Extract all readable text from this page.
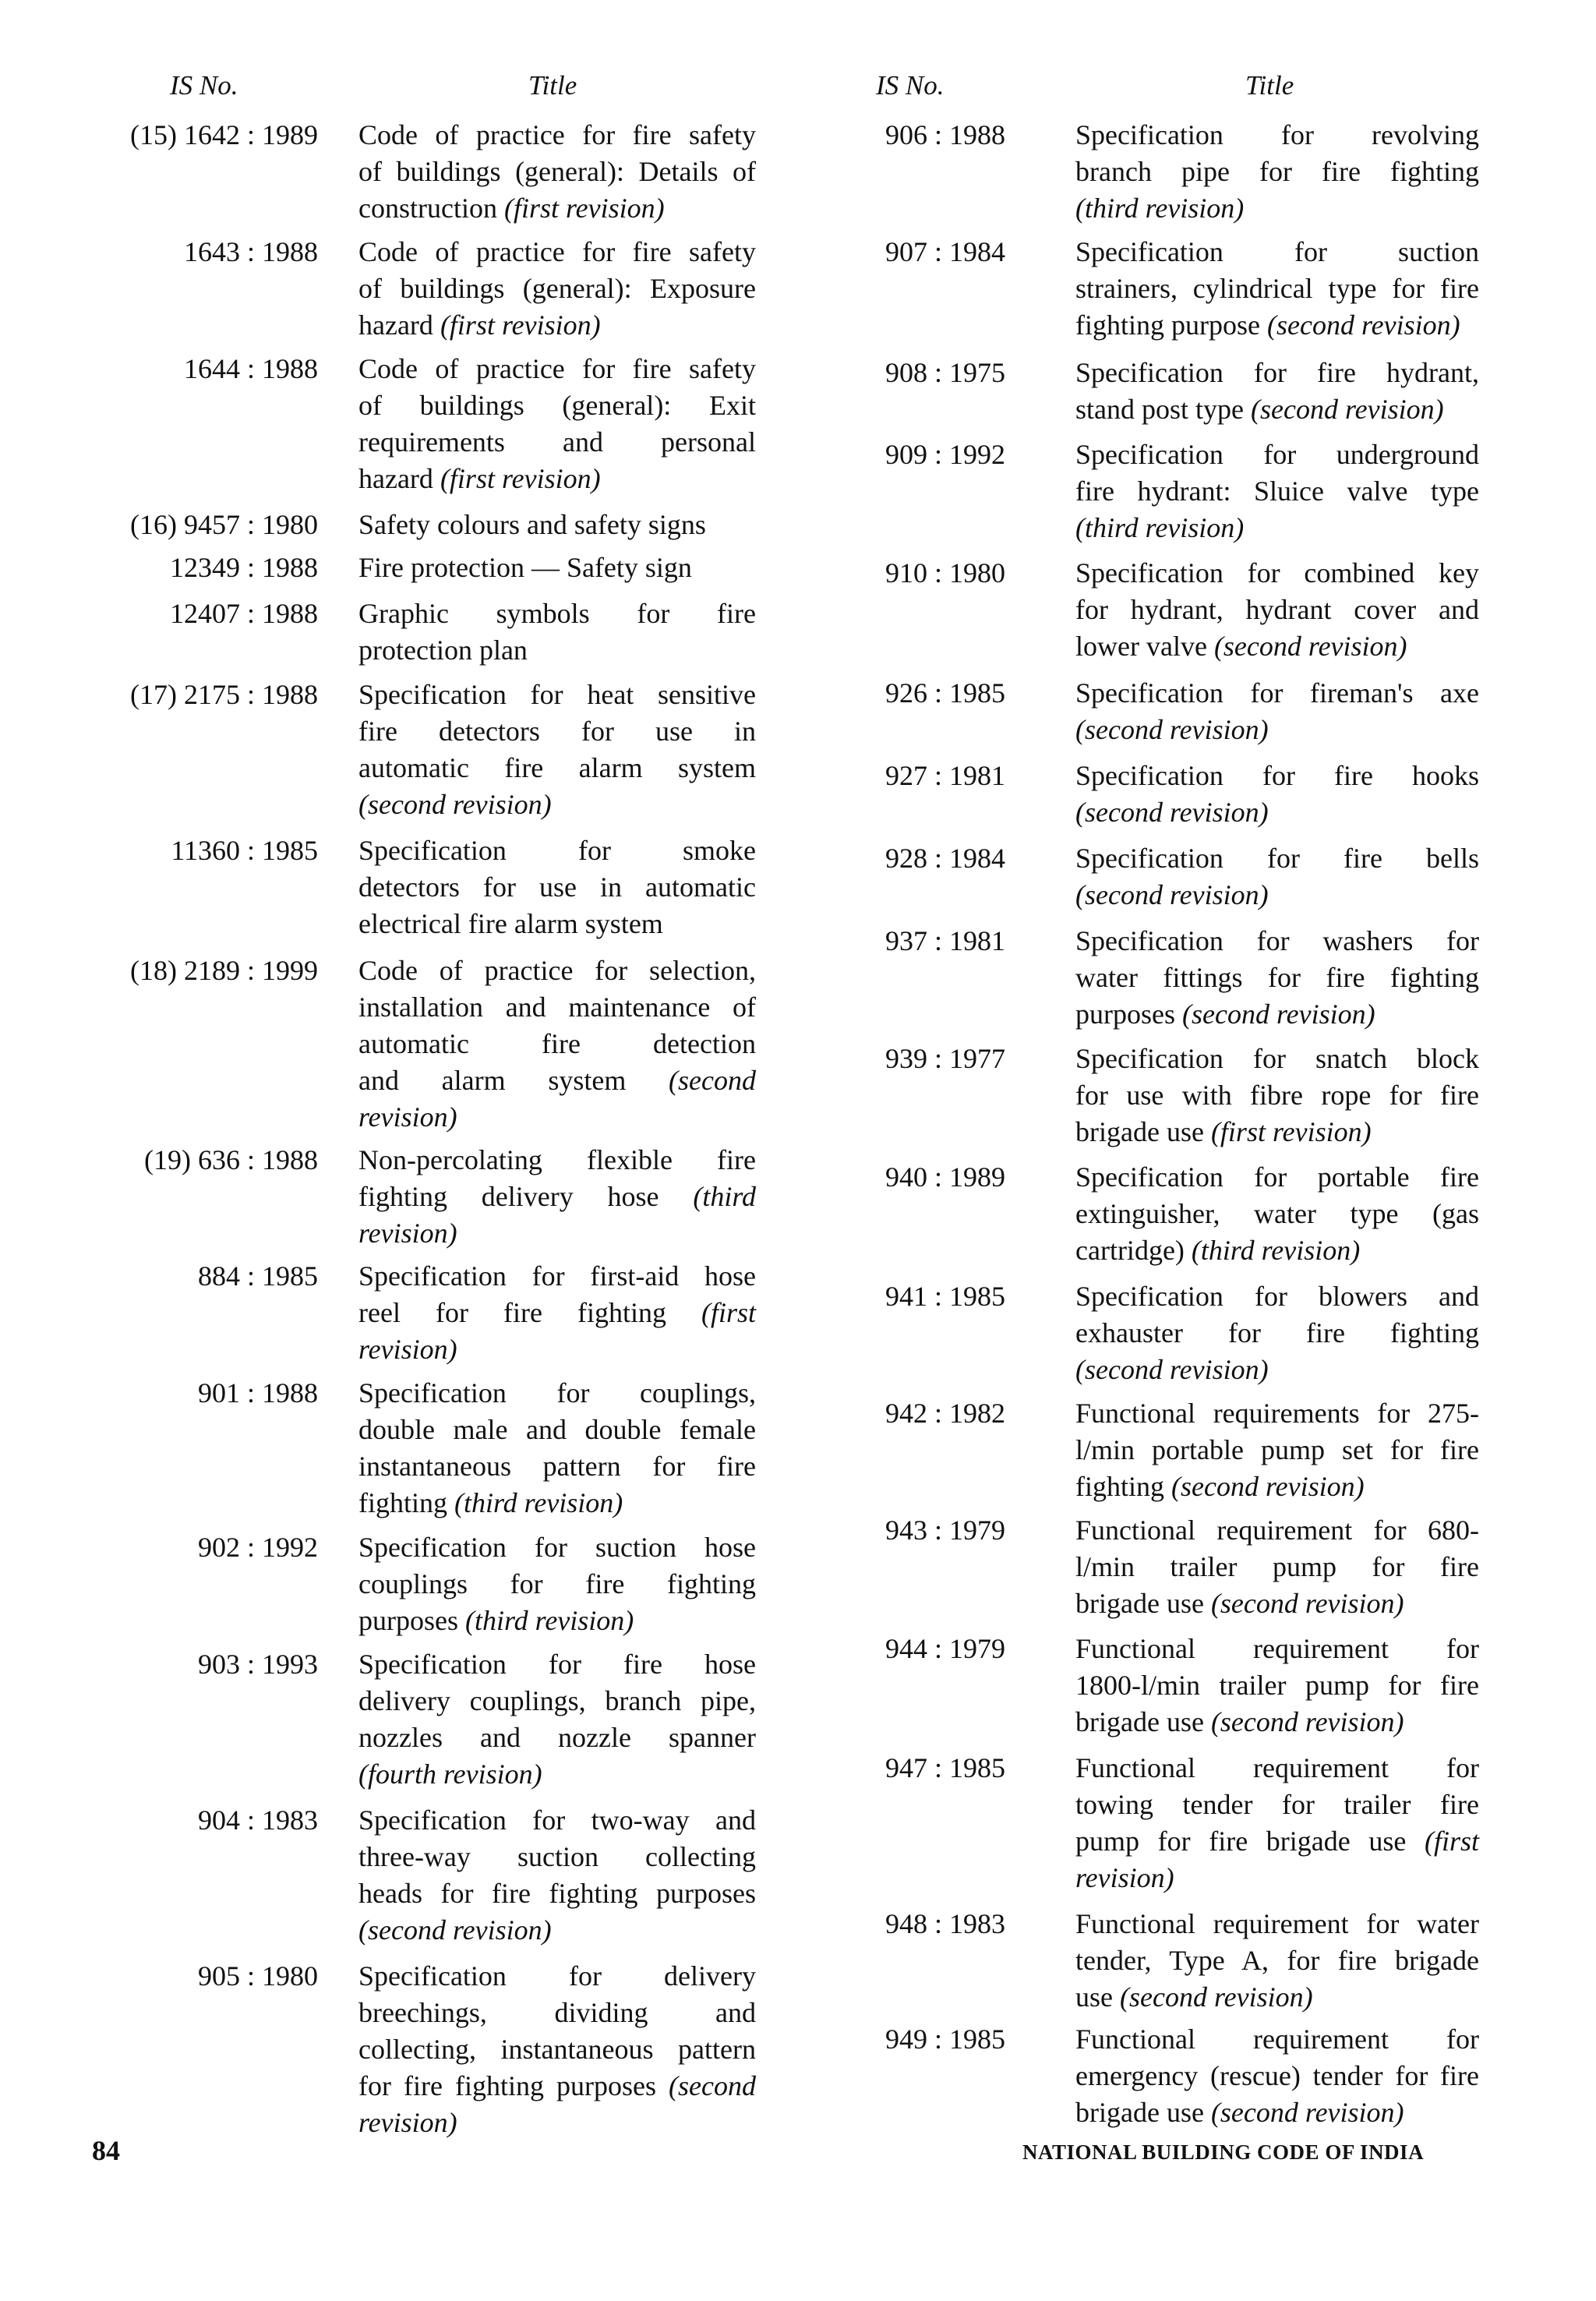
IS No.	Title	IS No.	Title
(15) 1642 : 1989 Code of practice for fire safety
of buildings (general): Details of
construction (first revision)
1643 : 1988 Code of practice for fire safety
of buildings (general): Exposure
hazard (first revision)
1644 : 1988 Code of practice for fire safety
of buildings (general): Exit
requirements and personal
hazard (first revision)
(16) 9457 : 1980 Safety colours and safety signs
12349 : 1988 Fire protection — Safety sign
12407 : 1988 Graphic symbols for fire
protection plan
(17) 2175 : 1988 Specification for heat sensitive
fire detectors for use in
automatic fire alarm system
(second revision)
11360 : 1985 Specification for smoke
detectors for use in automatic
electrical fire alarm system
(18) 2189 : 1999 Code of practice for selection,
installation and maintenance of
automatic fire detection
and alarm system (second
revision)
(19) 636 : 1988 Non-percolating flexible fire
fighting delivery hose (third
revision)
884 : 1985 Specification for first-aid hose
reel for fire fighting (first
revision)
901 : 1988 Specification for couplings,
double male and double female
instantaneous pattern for fire
fighting (third revision)
902 : 1992 Specification for suction hose
couplings for fire fighting
purposes (third revision)
903 : 1993 Specification for fire hose
delivery couplings, branch pipe,
nozzles and nozzle spanner
(fourth revision)
904 : 1983 Specification for two-way and
three-way suction collecting
heads for fire fighting purposes
(second revision)
905 : 1980 Specification for delivery
breechings, dividing and
collecting, instantaneous pattern
for fire fighting purposes (second
revision)
906 : 1988	Specification for revolving
branch pipe for fire fighting
(third revision)
907 : 1984	Specification for suction
strainers, cylindrical type for fire
fighting purpose (second revision)
908 : 1975	Specification for fire hydrant,
stand post type (second revision)
909 : 1992	Specification for underground
fire hydrant: Sluice valve type
(third revision)
910 : 1980	Specification for combined key
for hydrant, hydrant cover and
lower valve (second revision)
926 : 1985	Specification for fireman's axe
(second revision)
927 : 1981	Specification for fire hooks
(second revision)
928 : 1984	Specification for fire bells
(second revision)
937 : 1981	Specification for washers for
water fittings for fire fighting
purposes (second revision)
939 : 1977	Specification for snatch block
for use with fibre rope for fire
brigade use (first revision)
940 : 1989	Specification for portable fire
extinguisher, water type (gas
cartridge) (third revision)
941 : 1985	Specification for blowers and
exhauster for fire fighting
(second revision)
942 : 1982	Functional requirements for 275-
l/min portable pump set for fire
fighting (second revision)
943 : 1979	Functional requirement for 680-
l/min trailer pump for fire
brigade use (second revision)
944 : 1979	Functional requirement for
1800-l/min trailer pump for fire
brigade use (second revision)
947 : 1985	Functional requirement for
towing tender for trailer fire
pump for fire brigade use (first
revision)
948 : 1983	Functional requirement for water
tender, Type A, for fire brigade
use (second revision)
949 : 1985	Functional requirement for
emergency (rescue) tender for fire
brigade use (second revision)
84	NATIONAL BUILDING CODE OF INDIA
